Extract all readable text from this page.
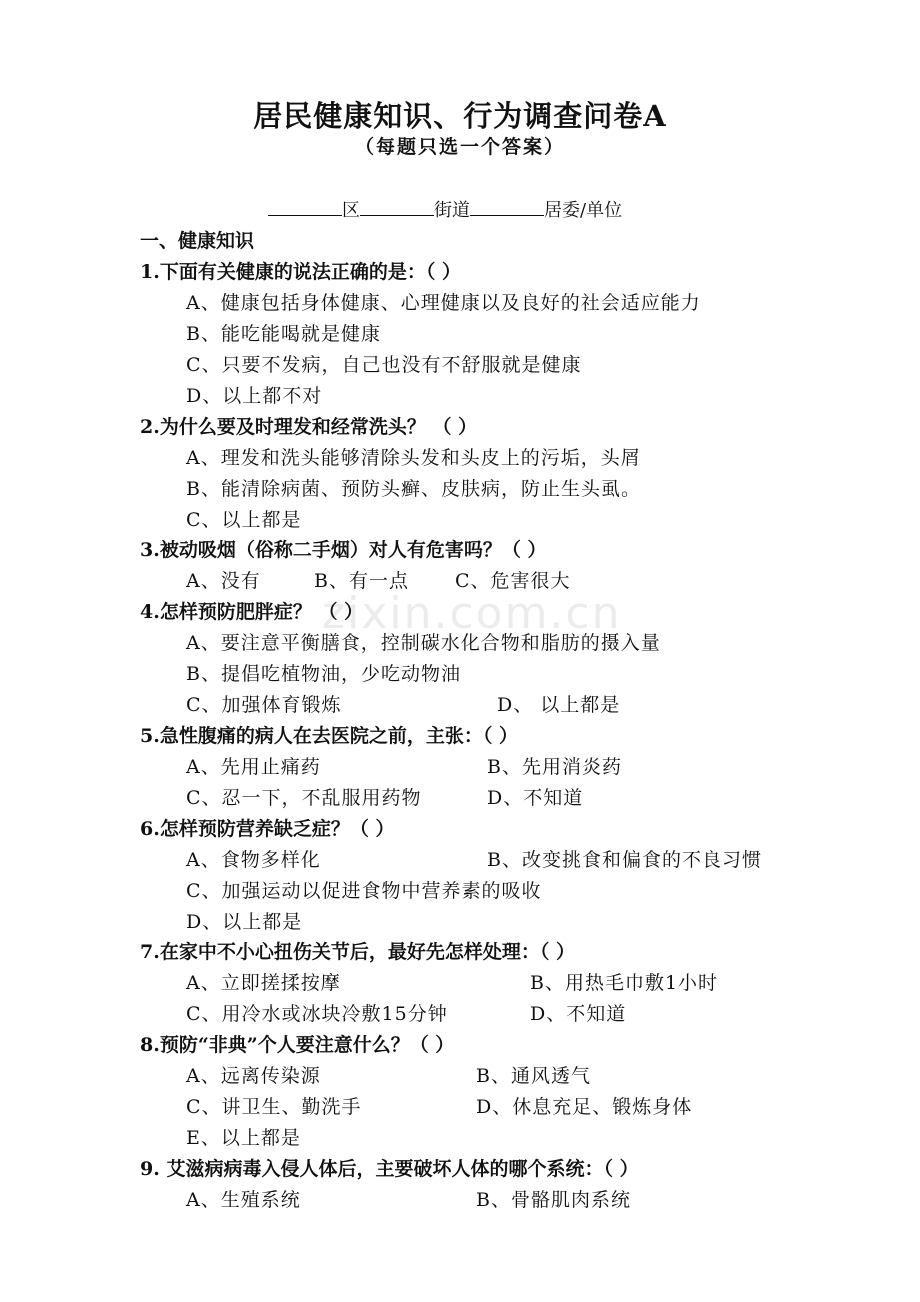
zixin.com.cn
居民健康知识、行为调查问卷A
（每题只选一个答案）
区	街道	居委/单位
一、健康知识
1.下面有关健康的说法正确的是：（ ）
A、健康包括身体健康、心理健康以及良好的社会适应能力
B、能吃能喝就是健康
C、只要不发病，自己也没有不舒服就是健康
D、以上都不对
2.为什么要及时理发和经常洗头？ （ ）
A、理发和洗头能够清除头发和头皮上的污垢，头屑
B、能清除病菌、预防头癣、皮肤病，防止生头虱。
C、以上都是
3.被动吸烟（俗称二手烟）对人有危害吗？（ ）
A、没有	B、有一点 C、危害很大
4.怎样预防肥胖症？ （ ）
A、要注意平衡膳食，控制碳水化合物和脂肪的摄入量
B、提倡吃植物油，少吃动物油
C、加强体育锻炼	D、 以上都是
5.急性腹痛的病人在去医院之前，主张：（ ）
A、先用止痛药	B、先用消炎药
C、忍一下，不乱服用药物	D、不知道
6.怎样预防营养缺乏症？（ ）
A、食物多样化	B、改变挑食和偏食的不良习惯
C、加强运动以促进食物中营养素的吸收
D、以上都是
7.在家中不小心扭伤关节后，最好先怎样处理：（ ）
A、立即搓揉按摩	B、用热毛巾敷1小时
C、用冷水或冰块冷敷15分钟	D、不知道
8.预防“非典”个人要注意什么？（ ）
A、远离传染源	B、通风透气
C、讲卫生、勤洗手	D、休息充足、锻炼身体
E、以上都是
9. 艾滋病病毒入侵人体后，主要破坏人体的哪个系统：（ ）
A、生殖系统	B、骨骼肌肉系统
